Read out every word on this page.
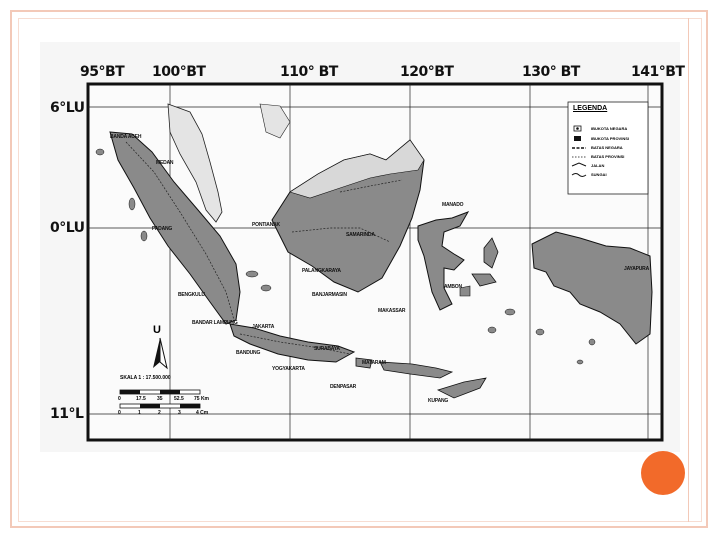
95°BT 100°BT	110° BT	120°BT	130° BT	141°BT
6°LU
0°LU
11°L
LEGENDA
IBUKOTA NEGARA
IBUKOTA PROVINSI
BATAS NEGARA
BATAS PROVINSI
JALAN
SUNGAI
BANDA ACEH
MEDAN
PADANG
PONTIANAK
SAMARINDA
PALANGKARAYA
BANJARMASIN
BENGKULU
BANDAR LAMPUNG
JAKARTA
BANDUNG
YOGYAKARTA
SURABAYA
DENPASAR
MATARAM
KUPANG
MAKASSAR
MANADO
AMBON
JAYAPURA
U
SKALA 1 : 17.500.000
0	17.5 35 52.5 75 Km
0	1	2	3	4 Cm
